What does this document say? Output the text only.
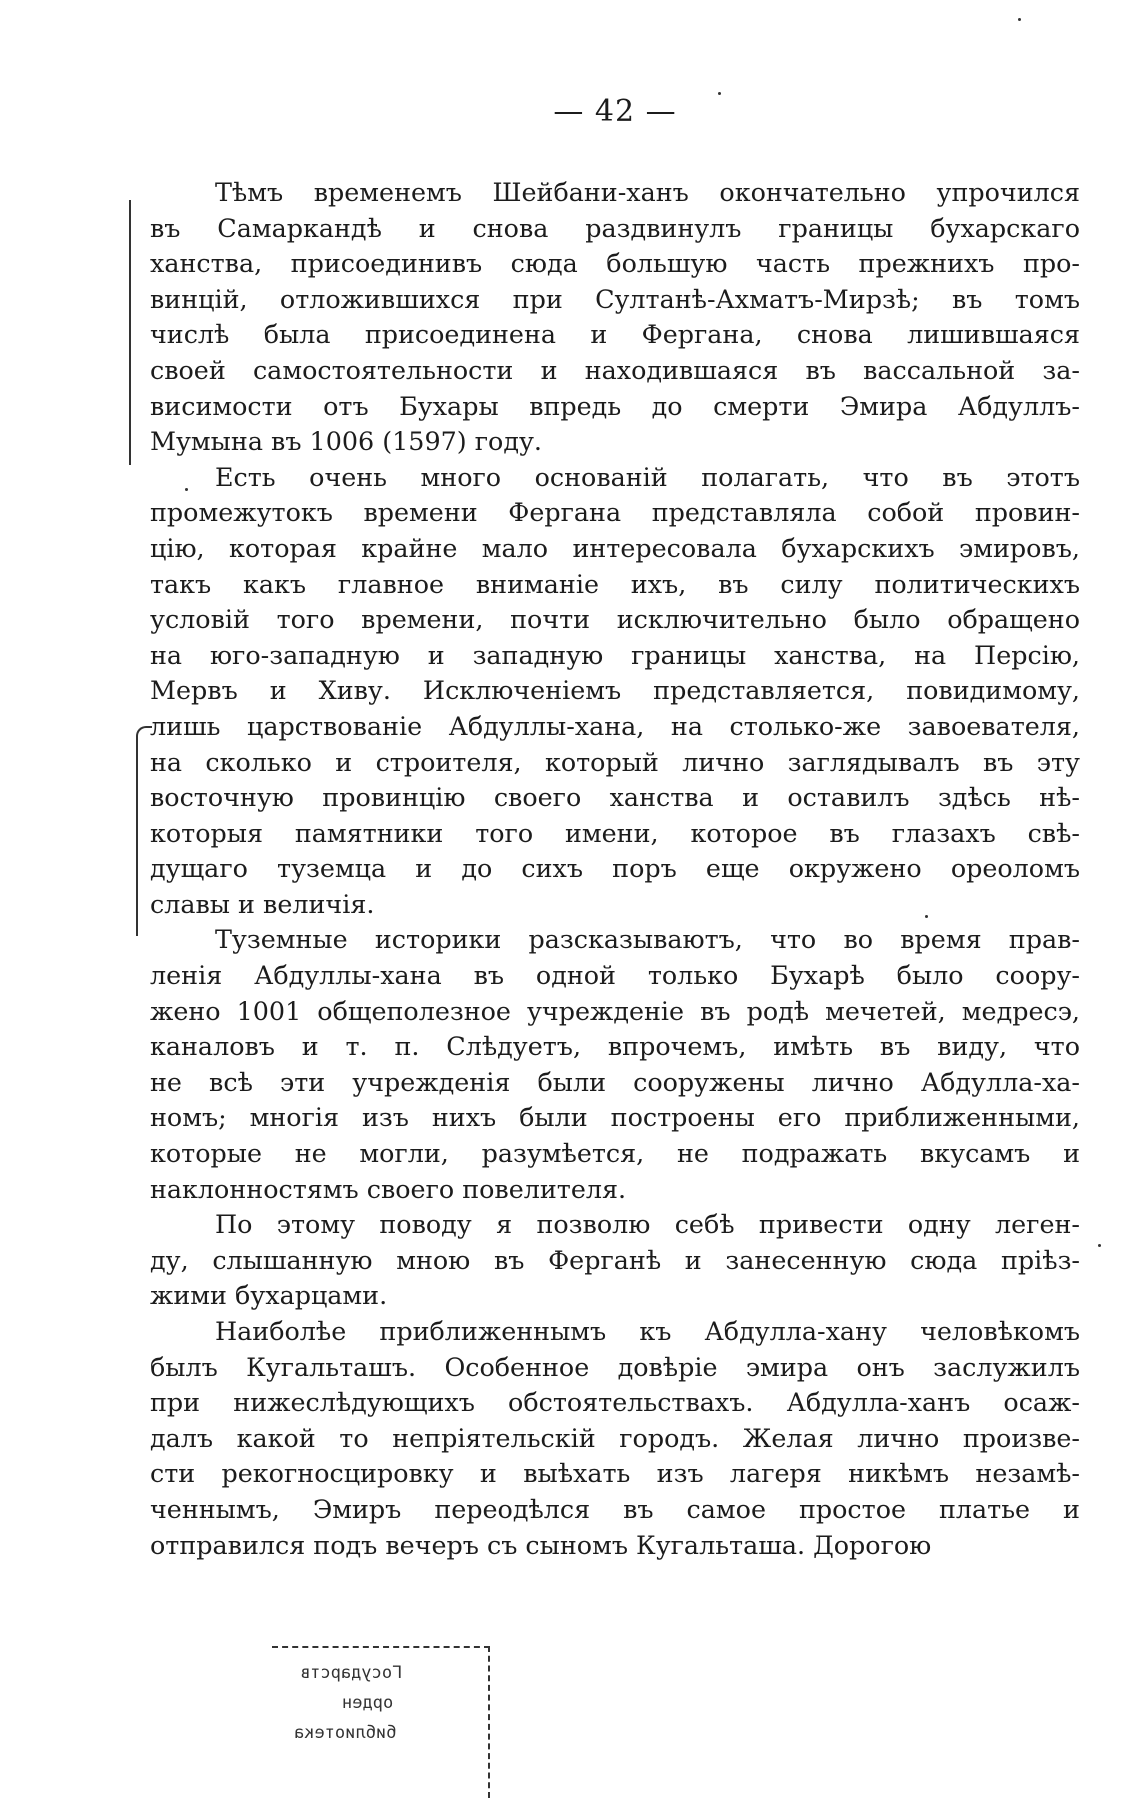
— 42 —
Тѣмъ временемъ Шейбани-ханъ окончательно упрочился
въ Самаркандѣ и снова раздвинулъ границы бухарскаго
ханства, присоединивъ сюда большую часть прежнихъ про-
винцій, отложившихся при Султанѣ-Ахматъ-Мирзѣ; въ томъ
числѣ была присоединена и Фергана, снова лишившаяся
своей самостоятельности и находившаяся въ вассальной за-
висимости отъ Бухары впредь до смерти Эмира Абдуллъ-
Мумына въ 1006 (1597) году.
Есть очень много основаній полагать, что въ этотъ
промежутокъ времени Фергана представляла собой провин-
цію, которая крайне мало интересовала бухарскихъ эмировъ,
такъ какъ главное вниманіе ихъ, въ силу политическихъ
условій того времени, почти исключительно было обращено
на юго-западную и западную границы ханства, на Персію,
Мервъ и Хиву. Исключеніемъ представляется, повидимому,
лишь царствованіе Абдуллы-хана, на столько-же завоевателя,
на сколько и строителя, который лично заглядывалъ въ эту
восточную провинцію своего ханства и оставилъ здѣсь нѣ-
которыя памятники того имени, которое въ глазахъ свѣ-
дущаго туземца и до сихъ поръ еще окружено ореоломъ
славы и величія.
Туземные историки разсказываютъ, что во время прав-
ленія Абдуллы-хана въ одной только Бухарѣ было соору-
жено 1001 общеполезное учрежденіе въ родѣ мечетей, медресэ,
каналовъ и т. п. Слѣдуетъ, впрочемъ, имѣть въ виду, что
не всѣ эти учрежденія были сооружены лично Абдулла-ха-
номъ; многія изъ нихъ были построены его приближенными,
которые не могли, разумѣется, не подражать вкусамъ и
наклонностямъ своего повелителя.
По этому поводу я позволю себѣ привести одну леген-
ду, слышанную мною въ Ферганѣ и занесенную сюда пріѣз-
жими бухарцами.
Наиболѣе приближеннымъ къ Абдулла-хану человѣкомъ
былъ Кугальташъ. Особенное довѣріе эмира онъ заслужилъ
при нижеслѣдующихъ обстоятельствахъ. Абдулла-ханъ осаж-
далъ какой то непріятельскій городъ. Желая лично произве-
сти рекогносцировку и выѣхать изъ лагеря никѣмъ незамѣ-
ченнымъ, Эмиръ переодѣлся въ самое простое платье и
отправился подъ вечеръ съ сыномъ Кугальташа. Дорогою
Государств
орден
библиотека
